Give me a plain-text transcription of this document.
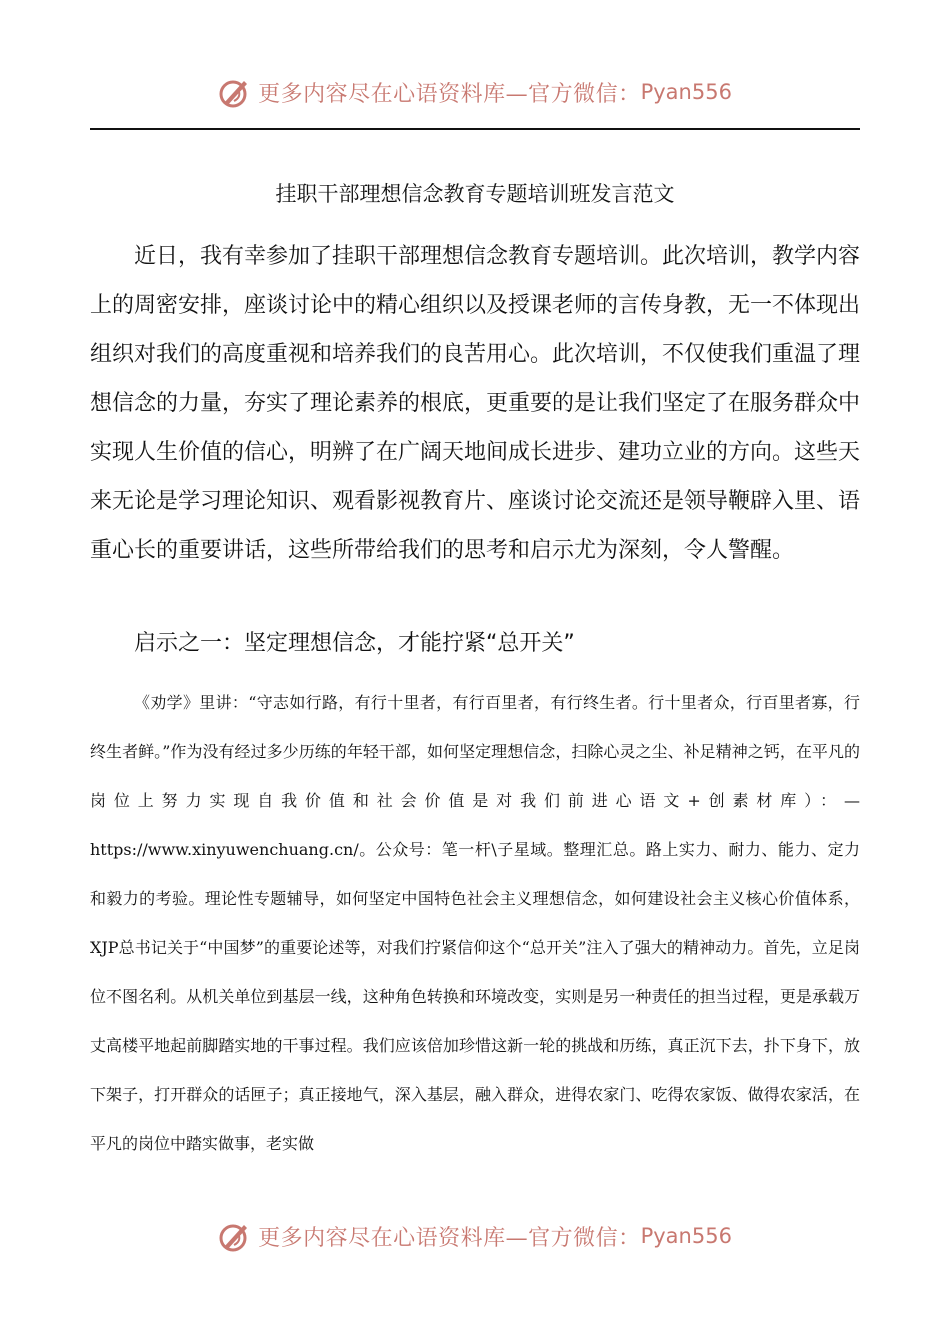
更多内容尽在心语资料库—官方微信： Pyan556
挂职干部理想信念教育专题培训班发言范文

近日，我有幸参加了挂职干部理想信念教育专题培训。此次培训，教学内容上的周密安排，座谈讨论中的精心组织以及授课老师的言传身教，无一不体现出组织对我们的高度重视和培养我们的良苦用心。此次培训，不仅使我们重温了理想信念的力量，夯实了理论素养的根底，更重要的是让我们坚定了在服务群众中实现人生价值的信心，明辨了在广阔天地间成长进步、建功立业的方向。这些天来无论是学习理论知识、观看影视教育片、座谈讨论交流还是领导鞭辟入里、语重心长的重要讲话，这些所带给我们的思考和启示尤为深刻，令人警醒。

启示之一：坚定理想信念，才能拧紧“总开关”

《劝学》里讲：“守志如行路，有行十里者，有行百里者，有行终生者。行十里者众，行百里者寡，行终生者鲜。”作为没有经过多少历练的年轻干部，如何坚定理想信念，扫除心灵之尘、补足精神之钙，在平凡的岗位上努力实现自我价值和社会价值是对我们前进心语文+创素材库）：—https://www.xinyuwenchuang.cn/。公众号：笔一杆\子星域。整理汇总。路上实力、耐力、能力、定力和毅力的考验。理论性专题辅导，如何坚定中国特色社会主义理想信念，如何建设社会主义核心价值体系，XJP总书记关于“中国梦”的重要论述等，对我们拧紧信仰这个“总开关”注入了强大的精神动力。首先，立足岗位不图名利。从机关单位到基层一线，这种角色转换和环境改变，实则是另一种责任的担当过程，更是承载万丈高楼平地起前脚踏实地的干事过程。我们应该倍加珍惜这新一轮的挑战和历练，真正沉下去，扑下身下，放下架子，打开群众的话匣子；真正接地气，深入基层，融入群众，进得农家门、吃得农家饭、做得农家活，在平凡的岗位中踏实做事，老实做

更多内容尽在心语资料库—官方微信： Pyan556
